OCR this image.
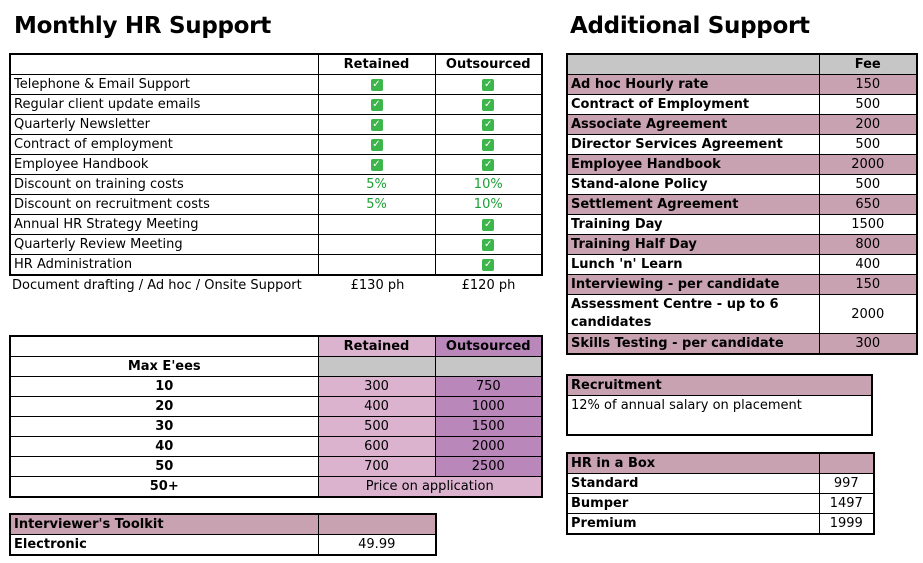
Monthly HR Support	Additional Support
	Retained	Outsourced
Telephone & Email Support	✓	✓
Regular client update emails	✓	✓
Quarterly Newsletter	✓	✓
Contract of employment	✓	✓
Employee Handbook	✓	✓
Discount on training costs	5%	10%
Discount on recruitment costs	5%	10%
Annual HR Strategy Meeting		✓
Quarterly Review Meeting		✓
HR Administration		✓
Document drafting / Ad hoc / Onsite Support	£130 ph	£120 ph
	Retained	Outsourced
Max E'ees		
10	300	750
20	400	1000
30	500	1500
40	600	2000
50	700	2500
50+	Price on application	
Interviewer's Toolkit	
Electronic	49.99
	Fee
Ad hoc Hourly rate	150
Contract of Employment	500
Associate Agreement	200
Director Services Agreement	500
Employee Handbook	2000
Stand-alone Policy	500
Settlement Agreement	650
Training Day	1500
Training Half Day	800
Lunch 'n' Learn	400
Interviewing - per candidate	150
Assessment Centre - up to 6
candidates	2000
Skills Testing - per candidate	300
Recruitment
12% of annual salary on placement
HR in a Box	
Standard	997
Bumper	1497
Premium	1999
